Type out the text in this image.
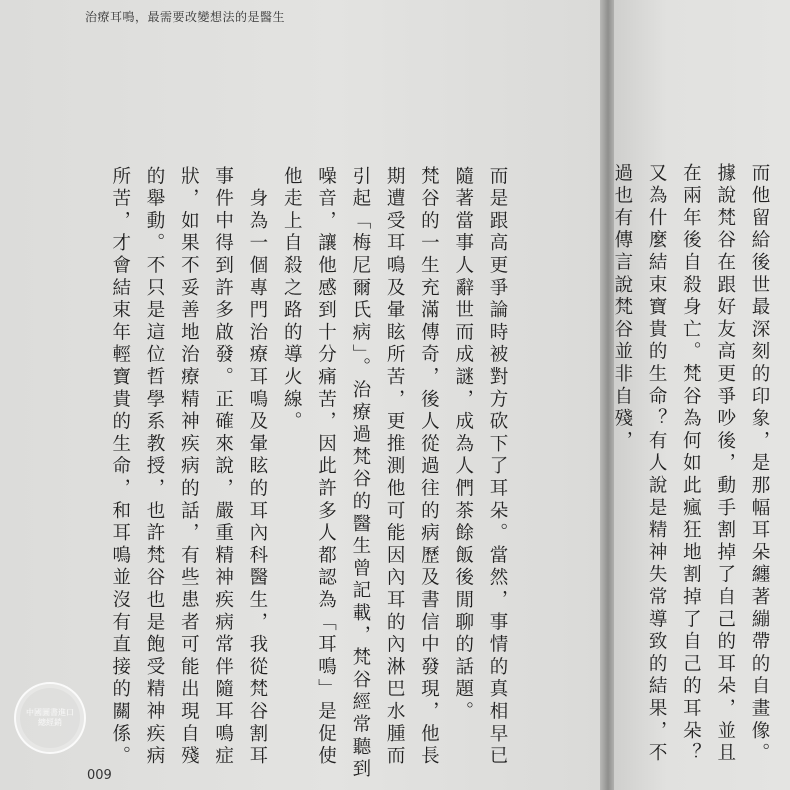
治療耳鳴，最需要改變想法的是醫生

而是跟高更爭論時被對方砍下了耳朵。當然，事情的真相早已隨著當事人辭世而成謎，成為人們茶餘飯後閒聊的話題。

梵谷的一生充滿傳奇，後人從過往的病歷及書信中發現，他長期遭受耳鳴及暈眩所苦，更推測他可能因內耳的內淋巴水腫而引起「梅尼爾氏病」。治療過梵谷的醫生曾記載，梵谷經常聽到噪音，讓他感到十分痛苦，因此許多人都認為「耳鳴」是促使他走上自殺之路的導火線。

　身為一個專門治療耳鳴及暈眩的耳內科醫生，我從梵谷割耳事件中得到許多啟發。正確來說，嚴重精神疾病常伴隨耳鳴症狀，如果不妥善地治療精神疾病的話，有些患者可能出現自殘的舉動。不只是這位哲學系教授，也許梵谷也是飽受精神疾病所苦，才會結束年輕寶貴的生命，和耳鳴並沒有直接的關係。

中國圖書進口總經銷
009

而他留給後世最深刻的印象，是那幅耳朵纏著繃帶的自畫像。據說梵谷在跟好友高更爭吵後，動手割掉了自己的耳朵，並且在兩年後自殺身亡。梵谷為何如此瘋狂地割掉了自己的耳朵？又為什麼結束寶貴的生命？有人說是精神失常導致的結果，不過也有傳言說梵谷並非自殘，
